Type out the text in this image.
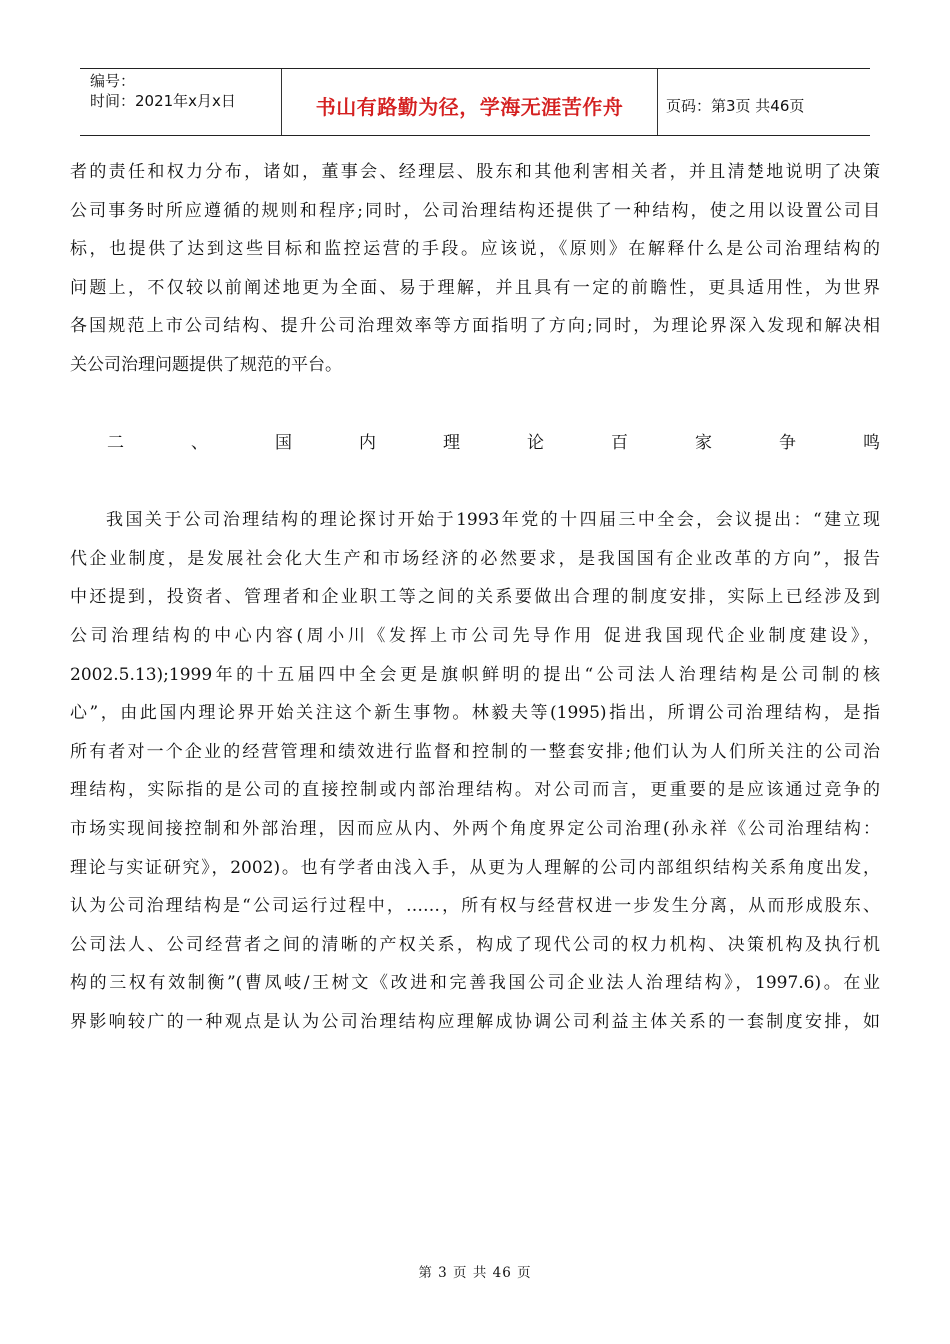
编号：
时间：2021年x月x日	书山有路勤为径，学海无涯苦作舟	页码：第3页 共46页

者的责任和权力分布，诸如，董事会、经理层、股东和其他利害相关者，并且清楚地说明了决策

公司事务时所应遵循的规则和程序;同时，公司治理结构还提供了一种结构，使之用以设置公司目

标，也提供了达到这些目标和监控运营的手段。应该说，《原则》在解释什么是公司治理结构的

问题上，不仅较以前阐述地更为全面、易于理解，并且具有一定的前瞻性，更具适用性，为世界

各国规范上市公司结构、提升公司治理效率等方面指明了方向;同时，为理论界深入发现和解决相

关公司治理问题提供了规范的平台。

二、国内理论百家争鸣

我国关于公司治理结构的理论探讨开始于1993年党的十四届三中全会，会议提出：“建立现

代企业制度，是发展社会化大生产和市场经济的必然要求，是我国国有企业改革的方向”，报告

中还提到，投资者、管理者和企业职工等之间的关系要做出合理的制度安排，实际上已经涉及到

公司治理结构的中心内容(周小川《发挥上市公司先导作用 促进我国现代企业制度建设》，

2002.5.13);1999年的十五届四中全会更是旗帜鲜明的提出“公司法人治理结构是公司制的核

心”，由此国内理论界开始关注这个新生事物。林毅夫等(1995)指出，所谓公司治理结构，是指

所有者对一个企业的经营管理和绩效进行监督和控制的一整套安排;他们认为人们所关注的公司治

理结构，实际指的是公司的直接控制或内部治理结构。对公司而言，更重要的是应该通过竞争的

市场实现间接控制和外部治理，因而应从内、外两个角度界定公司治理(孙永祥《公司治理结构：

理论与实证研究》，2002)。也有学者由浅入手，从更为人理解的公司内部组织结构关系角度出发，

认为公司治理结构是“公司运行过程中，……，所有权与经营权进一步发生分离，从而形成股东、

公司法人、公司经营者之间的清晰的产权关系，构成了现代公司的权力机构、决策机构及执行机

构的三权有效制衡”(曹凤岐/王树文《改进和完善我国公司企业法人治理结构》，1997.6)。在业

界影响较广的一种观点是认为公司治理结构应理解成协调公司利益主体关系的一套制度安排，如

第 3 页 共 46 页
